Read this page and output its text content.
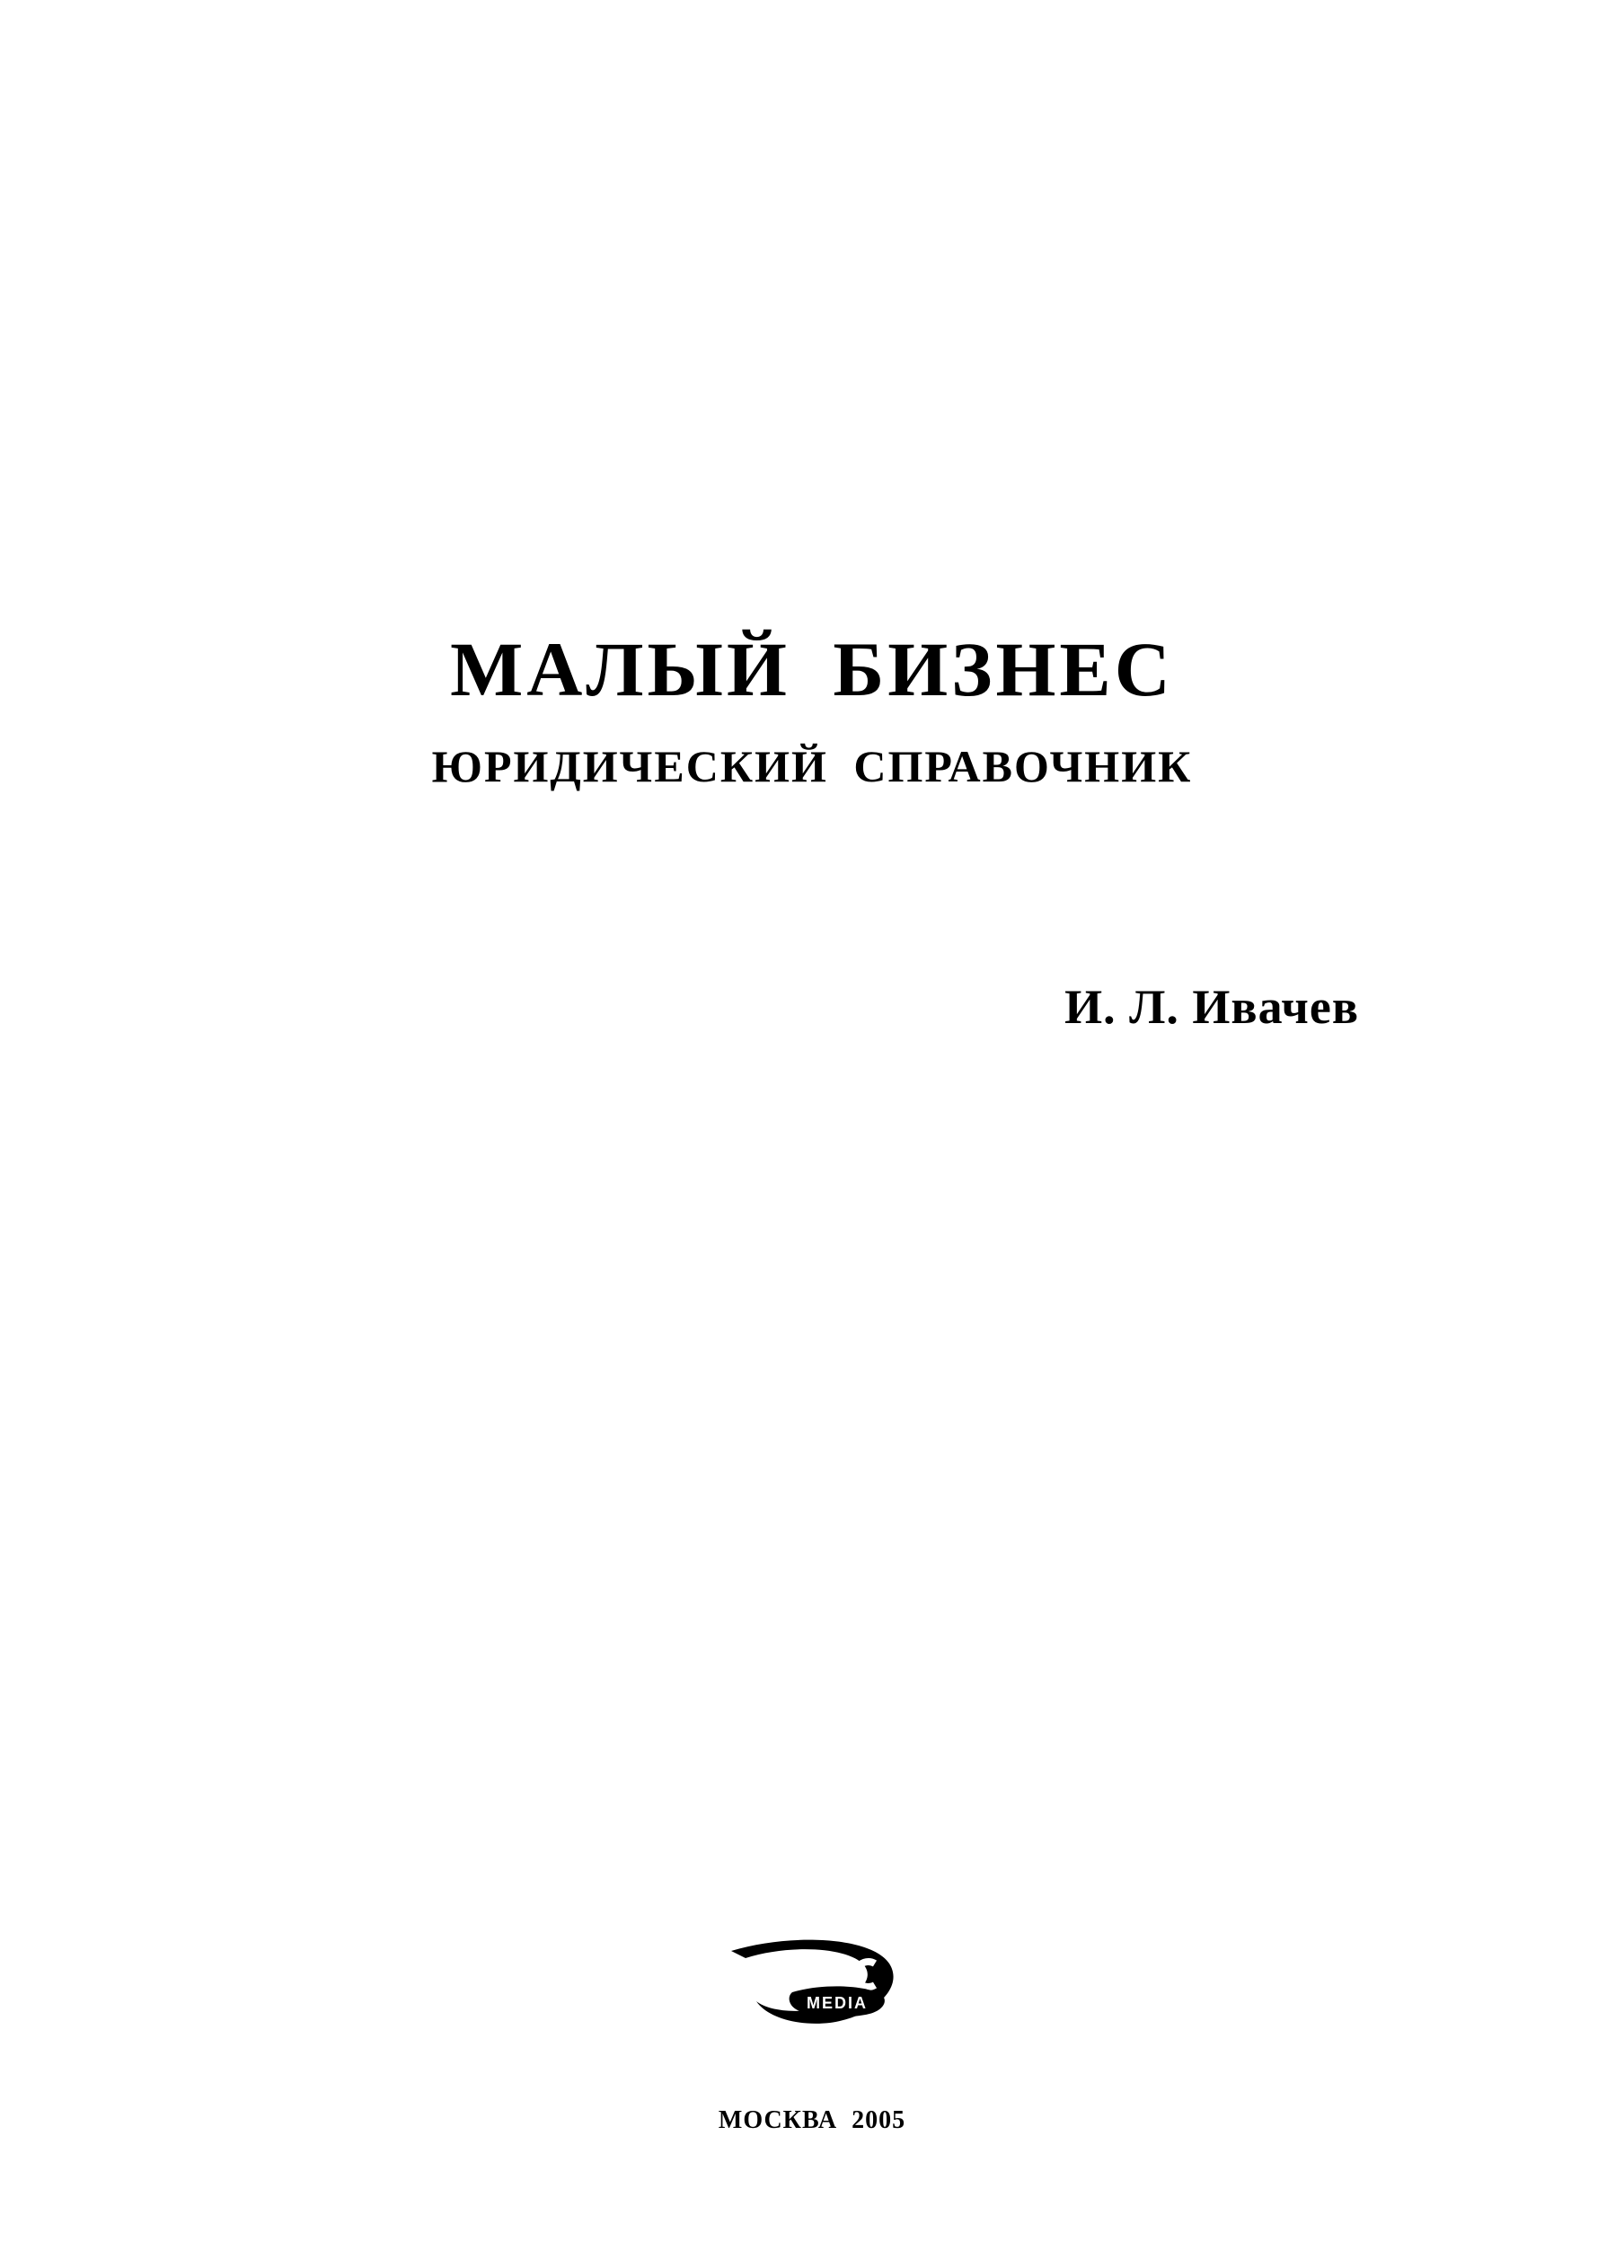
МАЛЫЙ БИЗНЕС
ЮРИДИЧЕСКИЙ СПРАВОЧНИК

И. Л. Ивачев

MEDIA

МОСКВА 2005
